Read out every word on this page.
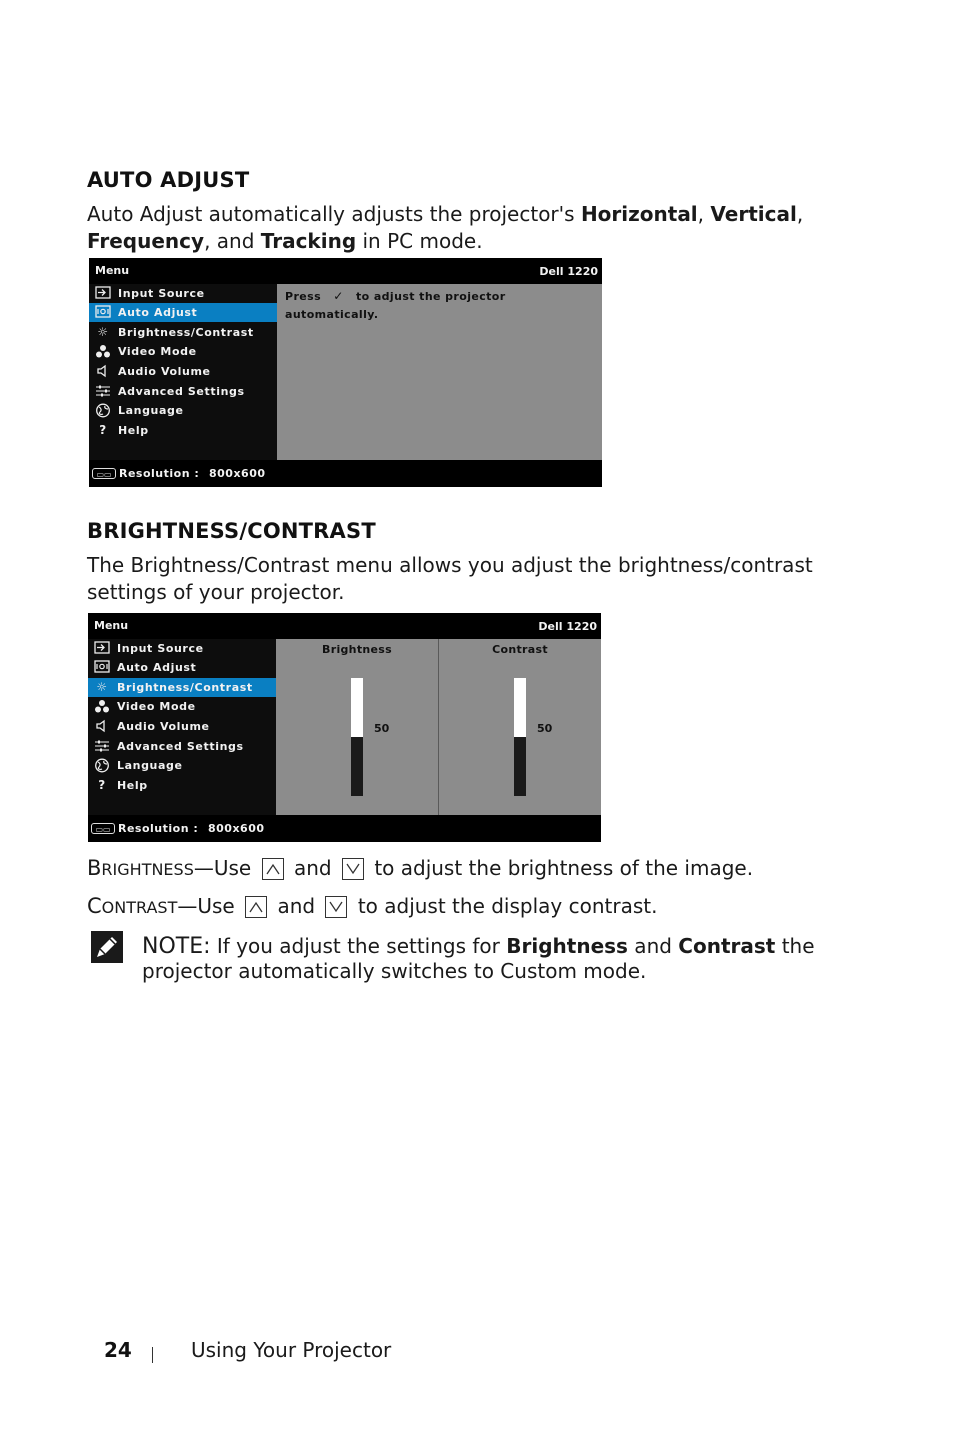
AUTO ADJUST
Auto Adjust automatically adjusts the projector's Horizontal, Vertical,
Frequency, and Tracking in PC mode.
Menu	Dell 1220
Input Source
Auto Adjust
☼ Brightness/Contrast
Video Mode
Audio Volume
Advanced Settings
Language
?	Help
Press ✓ to adjust the projector
automatically.
▭▭ Resolution : 800x600
BRIGHTNESS/CONTRAST
The Brightness/Contrast menu allows you adjust the brightness/contrast
settings of your projector.
Menu	Dell 1220
Input Source
Auto Adjust
☼ Brightness/Contrast
Video Mode
Audio Volume
Advanced Settings
Language
?	Help
Brightness
50
Contrast
50
▭▭ Resolution : 800x600
BRIGHTNESS—Use and to adjust the brightness of the image.
CONTRAST—Use and to adjust the display contrast.
NOTE: If you adjust the settings for Brightness and Contrast the
projector automatically switches to Custom mode.
24	Using Your Projector
